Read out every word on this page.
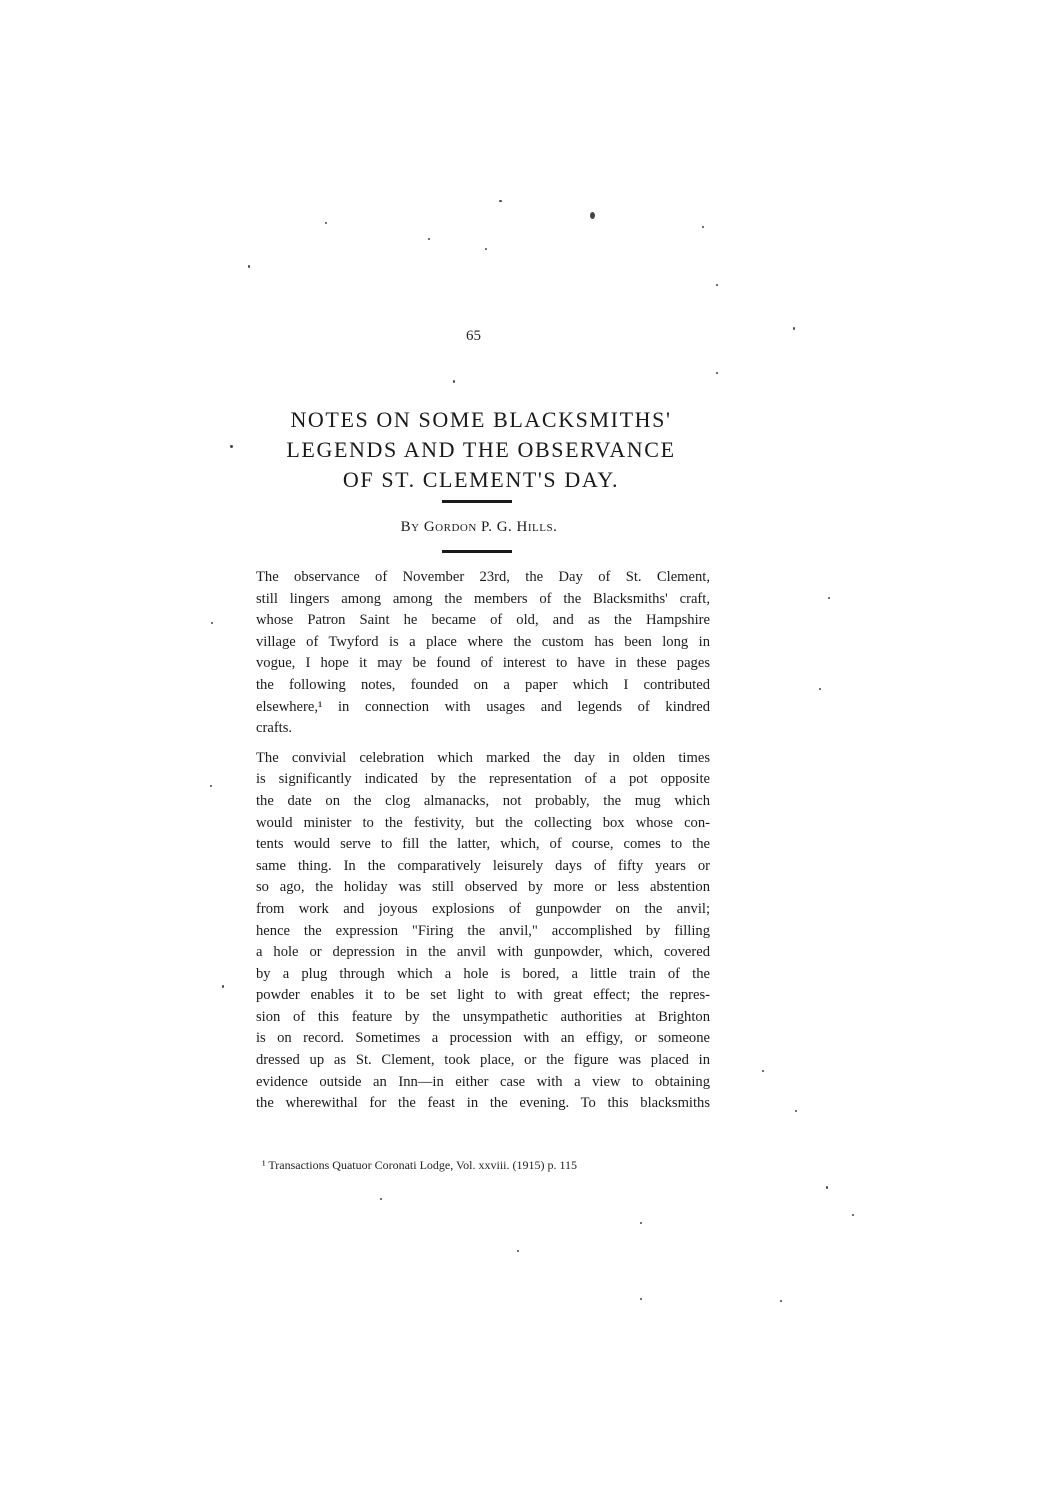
65
NOTES ON SOME BLACKSMITHS'
LEGENDS AND THE OBSERVANCE
OF ST. CLEMENT'S DAY.
By Gordon P. G. Hills.
The observance of November 23rd, the Day of St. Clement,
still lingers among among the members of the Blacksmiths' craft,
whose Patron Saint he became of old, and as the Hampshire
village of Twyford is a place where the custom has been long in
vogue, I hope it may be found of interest to have in these pages
the following notes, founded on a paper which I contributed
elsewhere,¹ in connection with usages and legends of kindred
crafts.
The convivial celebration which marked the day in olden times
is significantly indicated by the representation of a pot opposite
the date on the clog almanacks, not probably, the mug which
would minister to the festivity, but the collecting box whose con-
tents would serve to fill the latter, which, of course, comes to the
same thing. In the comparatively leisurely days of fifty years or
so ago, the holiday was still observed by more or less abstention
from work and joyous explosions of gunpowder on the anvil;
hence the expression "Firing the anvil," accomplished by filling
a hole or depression in the anvil with gunpowder, which, covered
by a plug through which a hole is bored, a little train of the
powder enables it to be set light to with great effect; the repres-
sion of this feature by the unsympathetic authorities at Brighton
is on record. Sometimes a procession with an effigy, or someone
dressed up as St. Clement, took place, or the figure was placed in
evidence outside an Inn—in either case with a view to obtaining
the wherewithal for the feast in the evening. To this blacksmiths
¹ Transactions Quatuor Coronati Lodge, Vol. xxviii. (1915) p. 115
